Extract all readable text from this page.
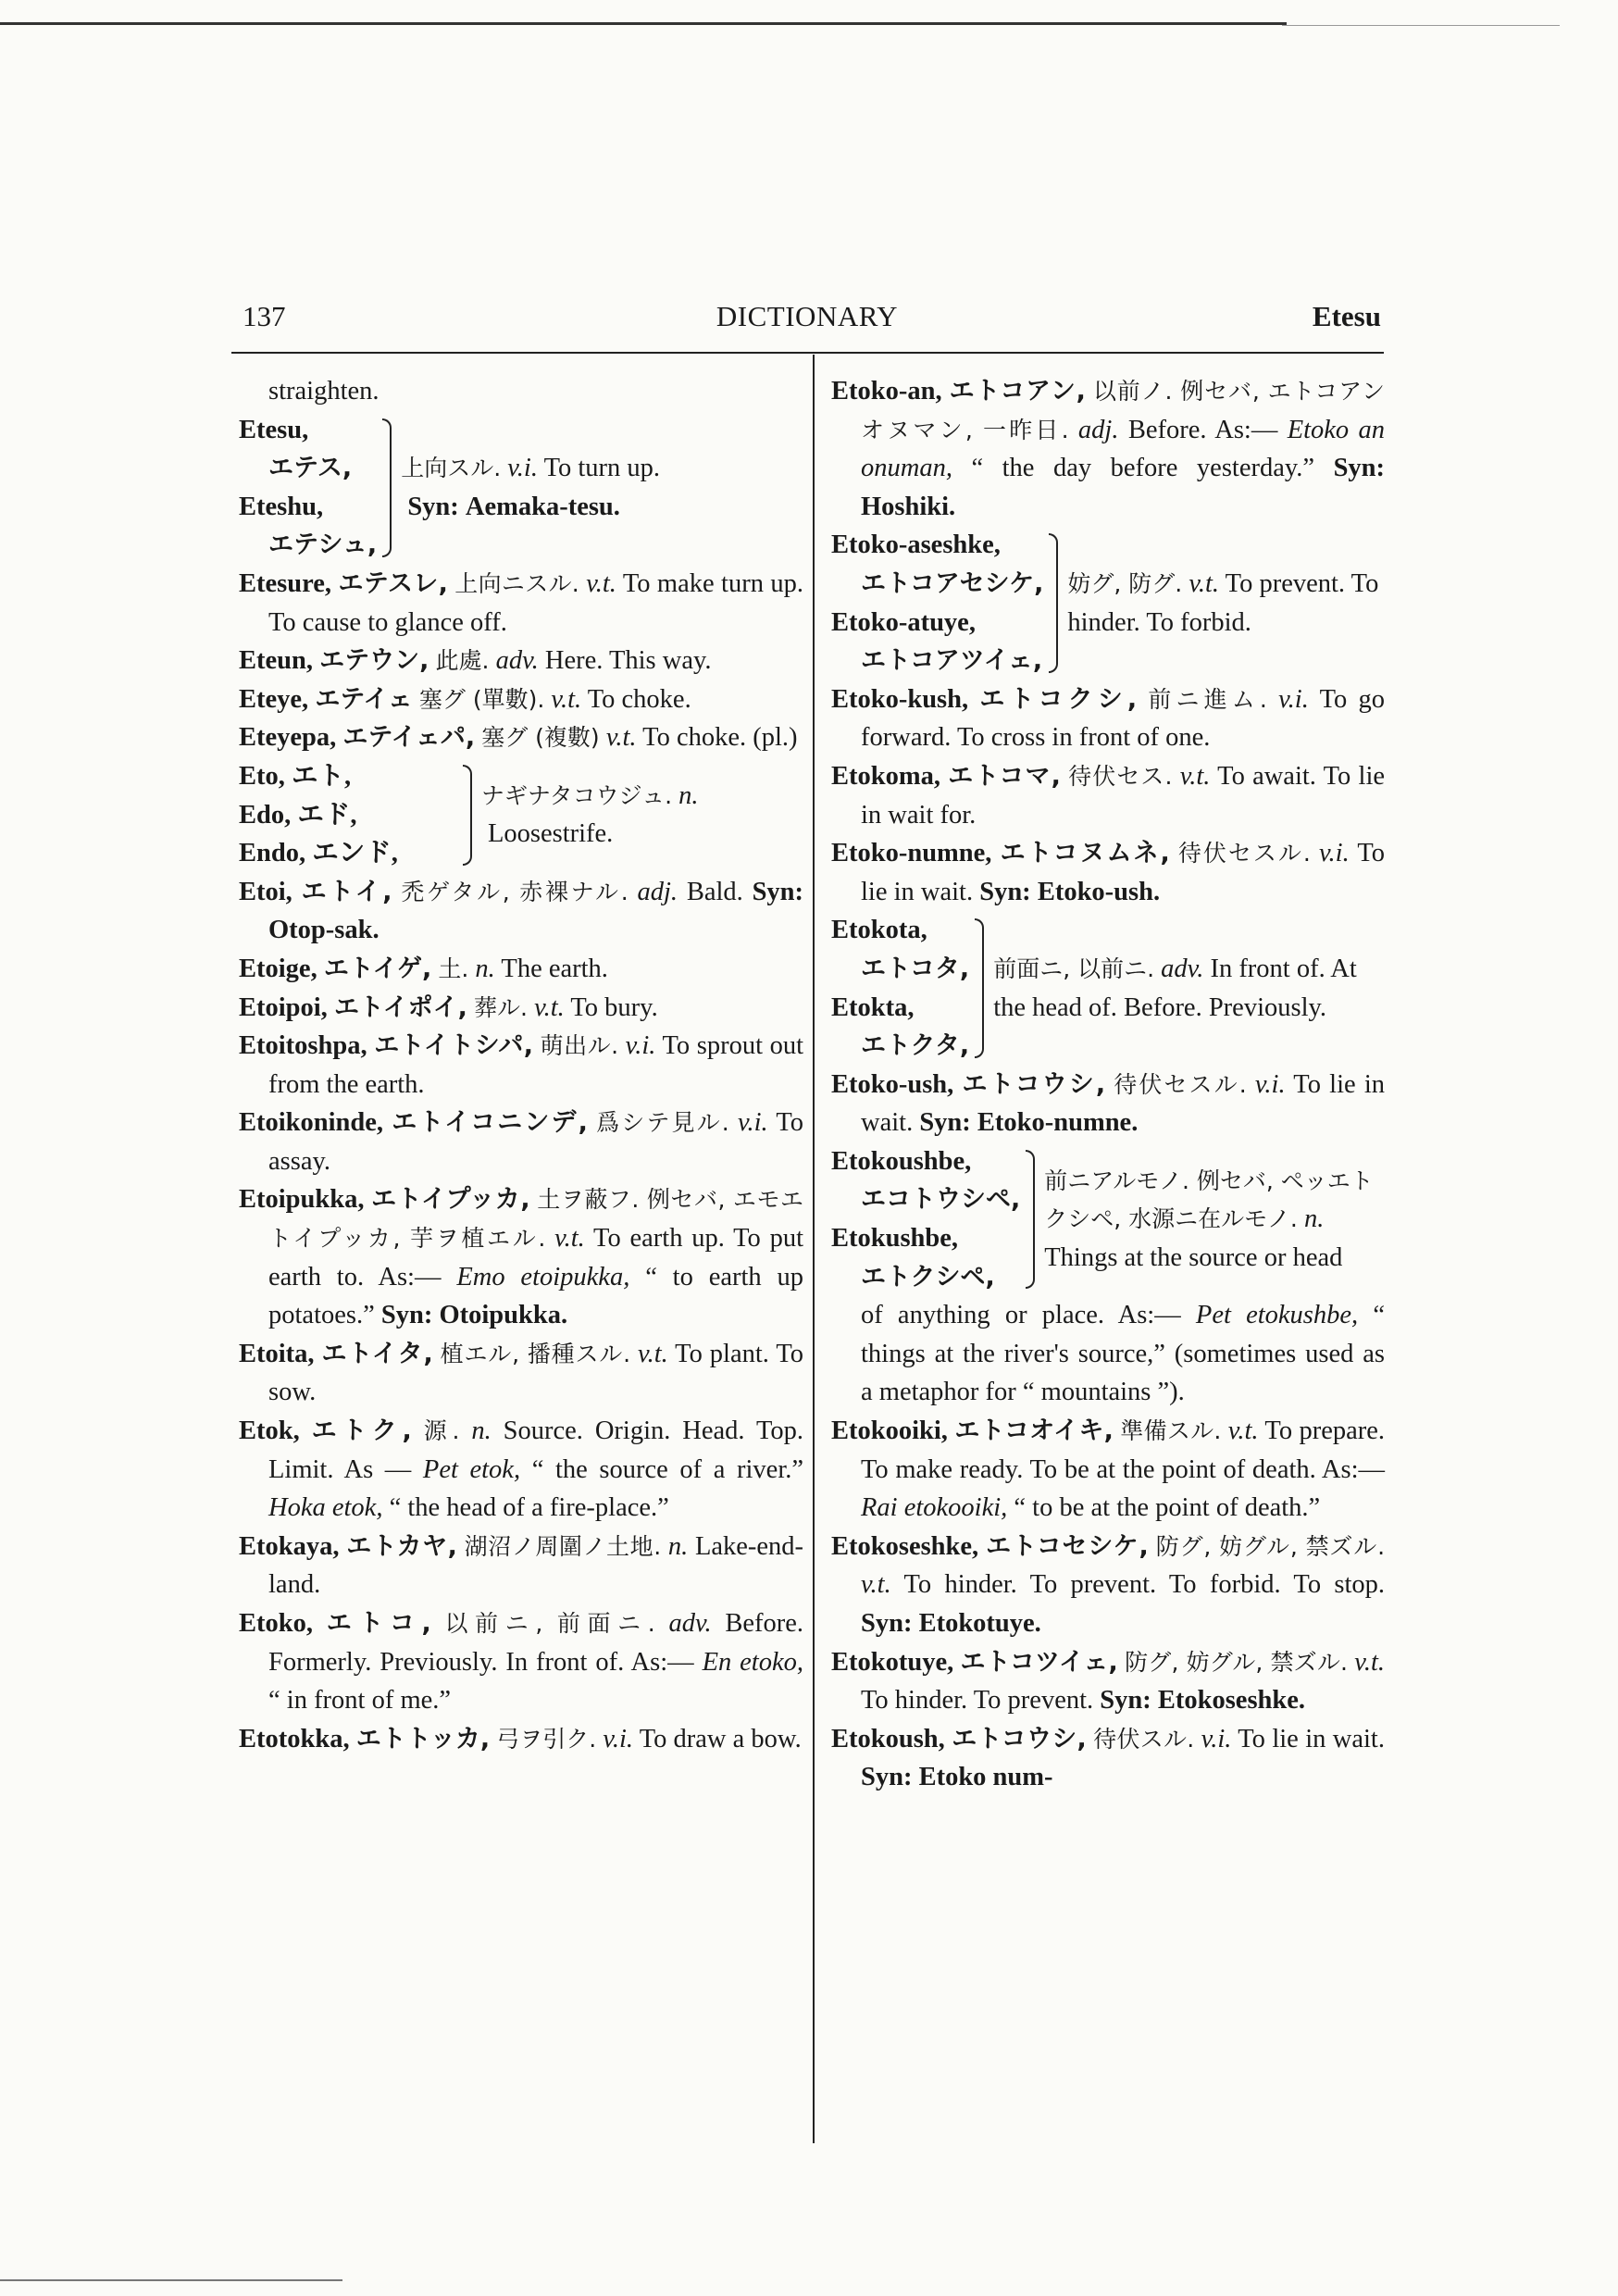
137	DICTIONARY	Etesu
straighten.
Etesu,
エテス,
Eteshu,
エテシュ,
上向スル. v.i. To turn up.
Syn: Aemaka-tesu.
Etesure, エテスレ, 上向ニスル. v.t. To make turn up. To cause to glance off.
Eteun, エテウン, 此處. adv. Here. This way.
Eteye, エテイェ 塞グ (單數). v.t. To choke.
Eteyepa, エテイェパ, 塞グ (複數) v.t. To choke. (pl.)
Eto, エト,
Edo, エド,
Endo, エンド,
ナギナタコウジュ. n.
Loosestrife.
Etoi, エトイ, 禿ゲタル, 赤裸ナル. adj. Bald. Syn: Otop-sak.
Etoige, エトイゲ, 土. n. The earth.
Etoipoi, エトイポイ, 葬ル. v.t. To bury.
Etoitoshpa, エトイトシパ, 萌出ル. v.i. To sprout out from the earth.
Etoikoninde, エトイコニンデ, 爲シテ見ル. v.i. To assay.
Etoipukka, エトイプッカ, 土ヲ蔽フ. 例セバ, エモエトイプッカ, 芋ヲ植エル. v.t. To earth up. To put earth to. As:— Emo etoipukka, “ to earth up potatoes.” Syn: Otoipukka.
Etoita, エトイタ, 植エル, 播種スル. v.t. To plant. To sow.
Etok, エトク, 源. n. Source. Origin. Head. Top. Limit. As — Pet etok, “ the source of a river.” Hoka etok, “ the head of a fire-place.”
Etokaya, エトカヤ, 湖沼ノ周圍ノ土地. n. Lake-end-land.
Etoko, エトコ, 以前ニ, 前面ニ. adv. Before. Formerly. Previously. In front of. As:— En etoko, “ in front of me.”
Etotokka, エトトッカ, 弓ヲ引ク. v.i. To draw a bow.
Etoko-an, エトコアン, 以前ノ. 例セバ, エトコアンオヌマン, 一昨日. adj. Before. As:— Etoko an onuman, “ the day before yesterday.” Syn: Hoshiki.
Etoko-aseshke,
エトコアセシケ,
Etoko-atuye,
エトコアツイェ,
妨グ, 防グ. v.t. To prevent. To hinder. To forbid.
Etoko-kush, エトコクシ, 前ニ進ム. v.i. To go forward. To cross in front of one.
Etokoma, エトコマ, 待伏セス. v.t. To await. To lie in wait for.
Etoko-numne, エトコヌムネ, 待伏セスル. v.i. To lie in wait. Syn: Etoko-ush.
Etokota,
エトコタ,
Etokta,
エトクタ,
前面ニ, 以前ニ. adv. In front of. At the head of. Before. Previously.
Etoko-ush, エトコウシ, 待伏セスル. v.i. To lie in wait. Syn: Etoko-numne.
Etokoushbe,
エコトウシペ,
Etokushbe,
エトクシペ,
前ニアルモノ. 例セバ, ペッエトクシペ, 水源ニ在ルモノ. n. Things at the source or head
of anything or place. As:— Pet etokushbe, “ things at the river's source,” (sometimes used as a metaphor for “ mountains ”).
Etokooiki, エトコオイキ, 準備スル. v.t. To prepare. To make ready. To be at the point of death. As:— Rai etokooiki, “ to be at the point of death.”
Etokoseshke, エトコセシケ, 防グ, 妨グル, 禁ズル. v.t. To hinder. To prevent. To forbid. To stop. Syn: Etokotuye.
Etokotuye, エトコツイェ, 防グ, 妨グル, 禁ズル. v.t. To hinder. To prevent. Syn: Etokoseshke.
Etokoush, エトコウシ, 待伏スル. v.i. To lie in wait. Syn: Etoko num-
